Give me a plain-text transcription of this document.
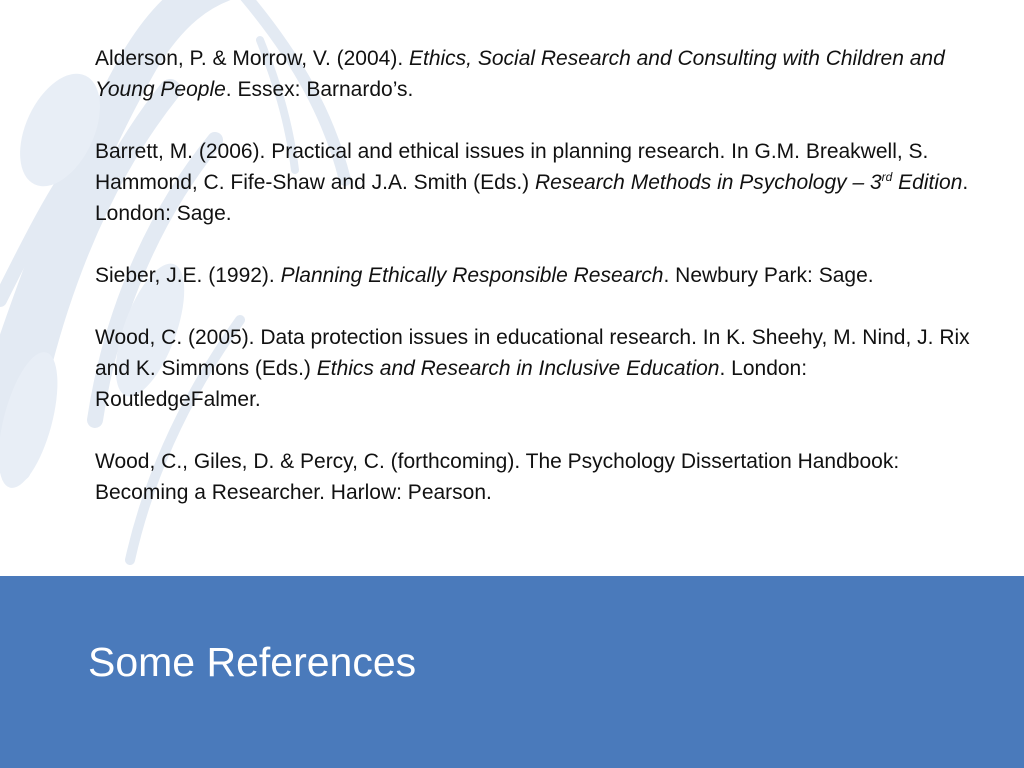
Alderson, P. & Morrow, V. (2004). Ethics, Social Research and Consulting with Children and Young People. Essex: Barnardo’s.

Barrett, M. (2006). Practical and ethical issues in planning research. In G.M. Breakwell, S. Hammond, C. Fife-Shaw and J.A. Smith (Eds.) Research Methods in Psychology – 3rd Edition. London: Sage.

Sieber, J.E. (1992). Planning Ethically Responsible Research. Newbury Park: Sage.

Wood, C. (2005). Data protection issues in educational research. In K. Sheehy, M. Nind, J. Rix and K. Simmons (Eds.) Ethics and Research in Inclusive Education. London: RoutledgeFalmer.

Wood, C., Giles, D. & Percy, C. (forthcoming). The Psychology Dissertation Handbook: Becoming a Researcher. Harlow: Pearson.

Some References
